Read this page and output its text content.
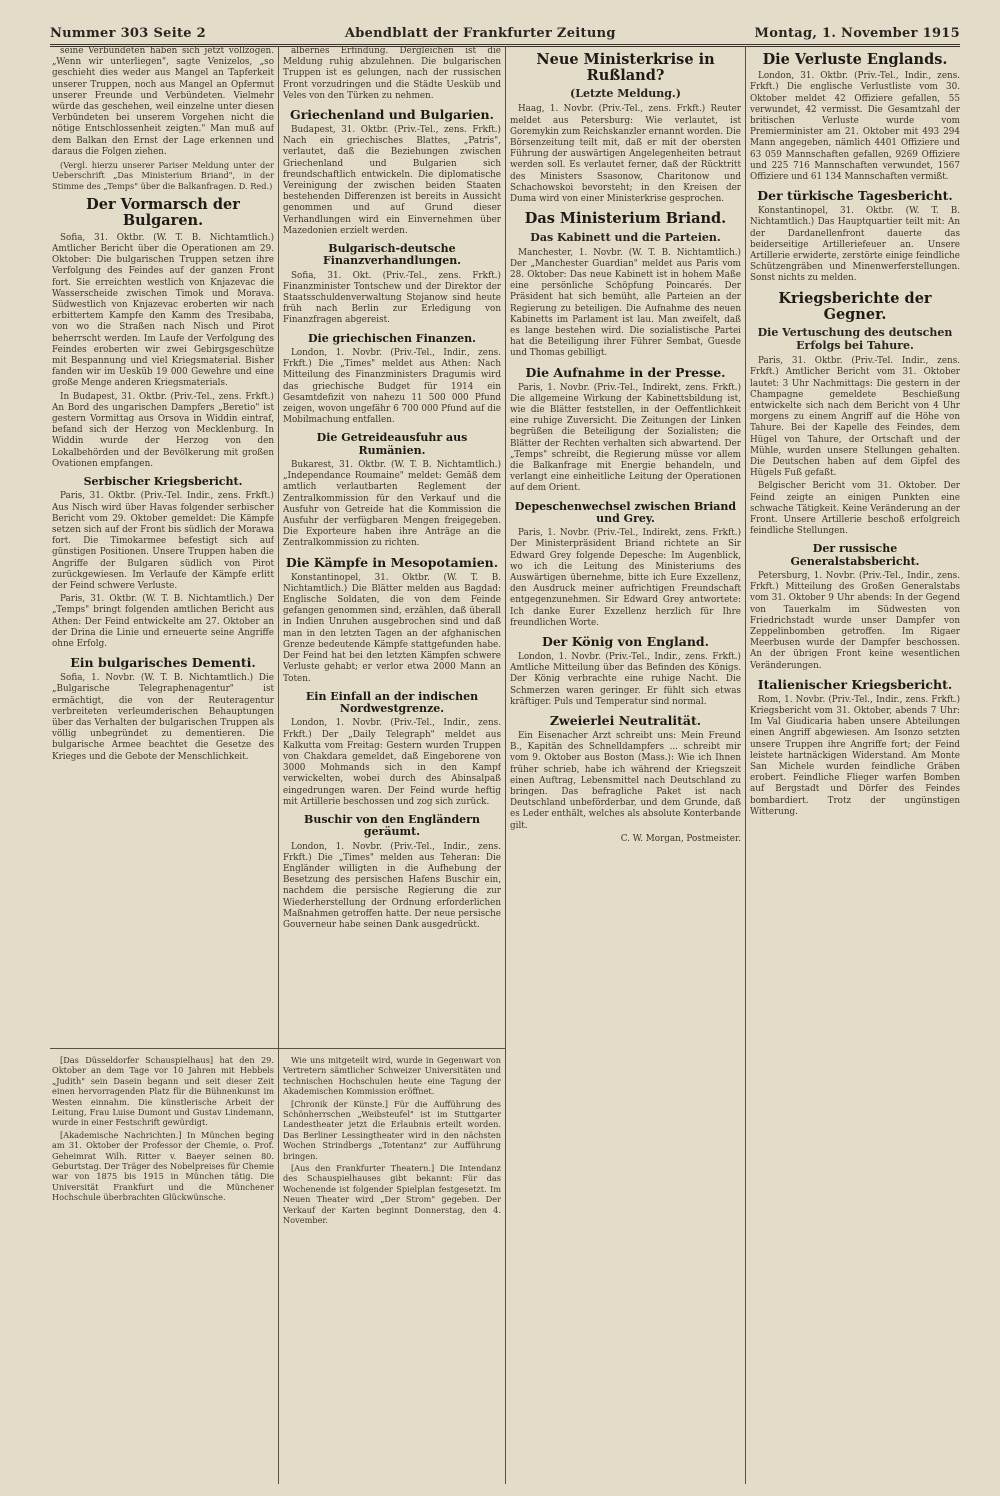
Nummer 303 Seite 2	Abendblatt der Frankfurter Zeitung	Montag, 1. November 1915

seine Verbündeten haben sich jetzt vollzogen. „Wenn wir unterliegen", sagte Venizelos, „so geschieht dies weder aus Mangel an Tapferkeit unserer Truppen, noch aus Mangel an Opfermut unserer Freunde und Verbündeten. Vielmehr würde das geschehen, weil einzelne unter diesen Verbündeten bei unserem Vorgehen nicht die nötige Entschlossenheit zeigten." Man muß auf dem Balkan den Ernst der Lage erkennen und daraus die Folgen ziehen.

(Vergl. hierzu unserer Pariser Meldung unter der Ueberschrift „Das Ministerium Briand", in der Stimme des „Temps" über die Balkanfragen. D. Red.)

Der Vormarsch der Bulgaren.

Sofia, 31. Oktbr. (W. T. B. Nichtamtlich.) Amtlicher Bericht über die Operationen am 29. Oktober: Die bulgarischen Truppen setzen ihre Verfolgung des Feindes auf der ganzen Front fort. Sie erreichten westlich von Knjazevac die Wasserscheide zwischen Timok und Morava. Südwestlich von Knjazevac eroberten wir nach erbittertem Kampfe den Kamm des Tresibaba, von wo die Straßen nach Nisch und Pirot beherrscht werden. Im Laufe der Verfolgung des Feindes eroberten wir zwei Gebirgsgeschütze mit Bespannung und viel Kriegsmaterial. Bisher fanden wir im Uesküb 19 000 Gewehre und eine große Menge anderen Kriegsmaterials.

In Budapest, 31. Oktbr. (Priv.-Tel., zens. Frkft.) An Bord des ungarischen Dampfers „Beretio" ist gestern Vormittag aus Orsova in Widdin eintraf, befand sich der Herzog von Mecklenburg. In Widdin wurde der Herzog von den Lokalbehörden und der Bevölkerung mit großen Ovationen empfangen.

Serbischer Kriegsbericht.

Paris, 31. Oktbr. (Priv.-Tel. Indir., zens. Frkft.) Aus Nisch wird über Havas folgender serbischer Bericht vom 29. Oktober gemeldet: Die Kämpfe setzen sich auf der Front bis südlich der Morawa fort. Die Timokarmee befestigt sich auf günstigen Positionen. Unsere Truppen haben die Angriffe der Bulgaren südlich von Pirot zurückgewiesen. Im Verlaufe der Kämpfe erlitt der Feind schwere Verluste.

Paris, 31. Oktbr. (W. T. B. Nichtamtlich.) Der „Temps" bringt folgenden amtlichen Bericht aus Athen: Der Feind entwickelte am 27. Oktober an der Drina die Linie und erneuerte seine Angriffe ohne Erfolg.

Ein bulgarisches Dementi.

Sofia, 1. Novbr. (W. T. B. Nichtamtlich.) Die „Bulgarische Telegraphenagentur" ist ermächtigt, die von der Reuteragentur verbreiteten verleumderischen Behauptungen über das Verhalten der bulgarischen Truppen als völlig unbegründet zu dementieren. Die bulgarische Armee beachtet die Gesetze des Krieges und die Gebote der Menschlichkeit.

albernes Erfindung. Dergleichen ist die Meldung ruhig abzulehnen. Die bulgarischen Truppen ist es gelungen, nach der russischen Front vorzudringen und die Städte Uesküb und Veles von den Türken zu nehmen.

Griechenland und Bulgarien.

Budapest, 31. Oktbr. (Priv.-Tel., zens. Frkft.) Nach ein griechisches Blattes, „Patris", verlautet, daß die Beziehungen zwischen Griechenland und Bulgarien sich freundschaftlich entwickeln. Die diplomatische Vereinigung der zwischen beiden Staaten bestehenden Differenzen ist bereits in Aussicht genommen und auf Grund dieser Verhandlungen wird ein Einvernehmen über Mazedonien erzielt werden.

Bulgarisch-deutsche Finanzverhandlungen.

Sofia, 31. Okt. (Priv.-Tel., zens. Frkft.) Finanzminister Tontschew und der Direktor der Staatsschuldenverwaltung Stojanow sind heute früh nach Berlin zur Erledigung von Finanzfragen abgereist.

Die griechischen Finanzen.

London, 1. Novbr. (Priv.-Tel., Indir., zens. Frkft.) Die „Times" meldet aus Athen: Nach Mitteilung des Finanzministers Dragumis wird das griechische Budget für 1914 ein Gesamtdefizit von nahezu 11 500 000 Pfund zeigen, wovon ungefähr 6 700 000 Pfund auf die Mobilmachung entfallen.

Die Getreideausfuhr aus Rumänien.

Bukarest, 31. Oktbr. (W. T. B. Nichtamtlich.) „Independance Roumaine" meldet: Gemäß dem amtlich verlautbarten Reglement der Zentralkommission für den Verkauf und die Ausfuhr von Getreide hat die Kommission die Ausfuhr der verfügbaren Mengen freigegeben. Die Exporteure haben ihre Anträge an die Zentralkommission zu richten.

Die Kämpfe in Mesopotamien.

Konstantinopel, 31. Oktbr. (W. T. B. Nichtamtlich.) Die Blätter melden aus Bagdad: Englische Soldaten, die von dem Feinde gefangen genommen sind, erzählen, daß überall in Indien Unruhen ausgebrochen sind und daß man in den letzten Tagen an der afghanischen Grenze bedeutende Kämpfe stattgefunden habe. Der Feind hat bei den letzten Kämpfen schwere Verluste gehabt; er verlor etwa 2000 Mann an Toten.

Ein Einfall an der indischen Nordwestgrenze.

London, 1. Novbr. (Priv.-Tel., Indir., zens. Frkft.) Der „Daily Telegraph" meldet aus Kalkutta vom Freitag: Gestern wurden Truppen von Chakdara gemeldet, daß Eingeborene von 3000 Mohmands sich in den Kampf verwickelten, wobei durch des Abinsalpaß eingedrungen waren. Der Feind wurde heftig mit Artillerie beschossen und zog sich zurück.

Buschir von den Engländern geräumt.

London, 1. Novbr. (Priv.-Tel., Indir., zens. Frkft.) Die „Times" melden aus Teheran: Die Engländer willigten in die Aufhebung der Besetzung des persischen Hafens Buschir ein, nachdem die persische Regierung die zur Wiederherstellung der Ordnung erforderlichen Maßnahmen getroffen hatte. Der neue persische Gouverneur habe seinen Dank ausgedrückt.

Neue Ministerkrise in Rußland?
(Letzte Meldung.)

Haag, 1. Novbr. (Priv.-Tel., zens. Frkft.) Reuter meldet aus Petersburg: Wie verlautet, ist Goremykin zum Reichskanzler ernannt worden. Die Börsenzeitung teilt mit, daß er mit der obersten Führung der auswärtigen Angelegenheiten betraut werden soll. Es verlautet ferner, daß der Rücktritt des Ministers Ssasonow, Charitonow und Schachowskoi bevorsteht; in den Kreisen der Duma wird von einer Ministerkrise gesprochen.

Das Ministerium Briand.
Das Kabinett und die Parteien.

Manchester, 1. Novbr. (W. T. B. Nichtamtlich.) Der „Manchester Guardian" meldet aus Paris vom 28. Oktober: Das neue Kabinett ist in hohem Maße eine persönliche Schöpfung Poincarés. Der Präsident hat sich bemüht, alle Parteien an der Regierung zu beteiligen. Die Aufnahme des neuen Kabinetts im Parlament ist lau. Man zweifelt, daß es lange bestehen wird. Die sozialistische Partei hat die Beteiligung ihrer Führer Sembat, Guesde und Thomas gebilligt.

Die Aufnahme in der Presse.

Paris, 1. Novbr. (Priv.-Tel., Indirekt, zens. Frkft.) Die allgemeine Wirkung der Kabinettsbildung ist, wie die Blätter feststellen, in der Oeffentlichkeit eine ruhige Zuversicht. Die Zeitungen der Linken begrüßen die Beteiligung der Sozialisten; die Blätter der Rechten verhalten sich abwartend. Der „Temps" schreibt, die Regierung müsse vor allem die Balkanfrage mit Energie behandeln, und verlangt eine einheitliche Leitung der Operationen auf dem Orient.

Depeschenwechsel zwischen Briand und Grey.

Paris, 1. Novbr. (Priv.-Tel., Indirekt, zens. Frkft.) Der Ministerpräsident Briand richtete an Sir Edward Grey folgende Depesche: Im Augenblick, wo ich die Leitung des Ministeriums des Auswärtigen übernehme, bitte ich Eure Exzellenz, den Ausdruck meiner aufrichtigen Freundschaft entgegenzunehmen. Sir Edward Grey antwortete: Ich danke Eurer Exzellenz herzlich für Ihre freundlichen Worte.

Der König von England.

London, 1. Novbr. (Priv.-Tel., Indir., zens. Frkft.) Amtliche Mitteilung über das Befinden des Königs. Der König verbrachte eine ruhige Nacht. Die Schmerzen waren geringer. Er fühlt sich etwas kräftiger. Puls und Temperatur sind normal.

Zweierlei Neutralität.

Ein Eisenacher Arzt schreibt uns: Mein Freund B., Kapitän des Schnelldampfers ... schreibt mir vom 9. Oktober aus Boston (Mass.): Wie ich Ihnen früher schrieb, habe ich während der Kriegszeit einen Auftrag, Lebensmittel nach Deutschland zu bringen. Das befragliche Paket ist nach Deutschland unbeförderbar, und dem Grunde, daß es Leder enthält, welches als absolute Konterbande gilt.

C. W. Morgan, Postmeister.

Die Verluste Englands.

London, 31. Oktbr. (Priv.-Tel., Indir., zens. Frkft.) Die englische Verlustliste vom 30. Oktober meldet 42 Offiziere gefallen, 55 verwundet, 42 vermisst. Die Gesamtzahl der britischen Verluste wurde vom Premierminister am 21. Oktober mit 493 294 Mann angegeben, nämlich 4401 Offiziere und 63 059 Mannschaften gefallen, 9269 Offiziere und 225 716 Mannschaften verwundet, 1567 Offiziere und 61 134 Mannschaften vermißt.

Der türkische Tagesbericht.

Konstantinopel, 31. Oktbr. (W. T. B. Nichtamtlich.) Das Hauptquartier teilt mit: An der Dardanellenfront dauerte das beiderseitige Artilleriefeuer an. Unsere Artillerie erwiderte, zerstörte einige feindliche Schützengräben und Minenwerferstellungen. Sonst nichts zu melden.

Kriegsberichte der Gegner.
Die Vertuschung des deutschen Erfolgs bei Tahure.

Paris, 31. Oktbr. (Priv.-Tel. Indir., zens. Frkft.) Amtlicher Bericht vom 31. Oktober lautet: 3 Uhr Nachmittags: Die gestern in der Champagne gemeldete Beschießung entwickelte sich nach dem Bericht von 4 Uhr morgens zu einem Angriff auf die Höhe von Tahure. Bei der Kapelle des Feindes, dem Hügel von Tahure, der Ortschaft und der Mühle, wurden unsere Stellungen gehalten. Die Deutschen haben auf dem Gipfel des Hügels Fuß gefaßt.

Belgischer Bericht vom 31. Oktober. Der Feind zeigte an einigen Punkten eine schwache Tätigkeit. Keine Veränderung an der Front. Unsere Artillerie beschoß erfolgreich feindliche Stellungen.

Der russische Generalstabsbericht.

Petersburg, 1. Novbr. (Priv.-Tel., Indir., zens. Frkft.) Mitteilung des Großen Generalstabs vom 31. Oktober 9 Uhr abends: In der Gegend von Tauerkalm im Südwesten von Friedrichstadt wurde unser Dampfer von Zeppelinbomben getroffen. Im Rigaer Meerbusen wurde der Dampfer beschossen. An der übrigen Front keine wesentlichen Veränderungen.

Italienischer Kriegsbericht.

Rom, 1. Novbr. (Priv.-Tel., Indir., zens. Frkft.) Kriegsbericht vom 31. Oktober, abends 7 Uhr: Im Val Giudicaria haben unsere Abteilungen einen Angriff abgewiesen. Am Isonzo setzten unsere Truppen ihre Angriffe fort; der Feind leistete hartnäckigen Widerstand. Am Monte San Michele wurden feindliche Gräben erobert. Feindliche Flieger warfen Bomben auf Bergstadt und Dörfer des Feindes bombardiert. Trotz der ungünstigen Witterung.

[Das Düsseldorfer Schauspielhaus] hat den 29. Oktober an dem Tage vor 10 Jahren mit Hebbels „Judith" sein Dasein begann und seit dieser Zeit einen hervorragenden Platz für die Bühnenkunst im Westen einnahm. Die künstlerische Arbeit der Leitung, Frau Luise Dumont und Gustav Lindemann, wurde in einer Festschrift gewürdigt.

[Akademische Nachrichten.] In München beging am 31. Oktober der Professor der Chemie, o. Prof. Geheimrat Wilh. Ritter v. Baeyer seinen 80. Geburtstag. Der Träger des Nobelpreises für Chemie war von 1875 bis 1915 in München tätig. Die Universität Frankfurt und die Münchener Hochschule überbrachten Glückwünsche.

Wie uns mitgeteilt wird, wurde in Gegenwart von Vertretern sämtlicher Schweizer Universitäten und technischen Hochschulen heute eine Tagung der Akademischen Kommission eröffnet.

[Chronik der Künste.] Für die Aufführung des Schönherrschen „Weibsteufel" ist im Stuttgarter Landestheater jetzt die Erlaubnis erteilt worden. Das Berliner Lessingtheater wird in den nächsten Wochen Strindbergs „Totentanz" zur Aufführung bringen.

[Aus den Frankfurter Theatern.] Die Intendanz des Schauspielhauses gibt bekannt: Für das Wochenende ist folgender Spielplan festgesetzt. Im Neuen Theater wird „Der Strom" gegeben. Der Verkauf der Karten beginnt Donnerstag, den 4. November.
